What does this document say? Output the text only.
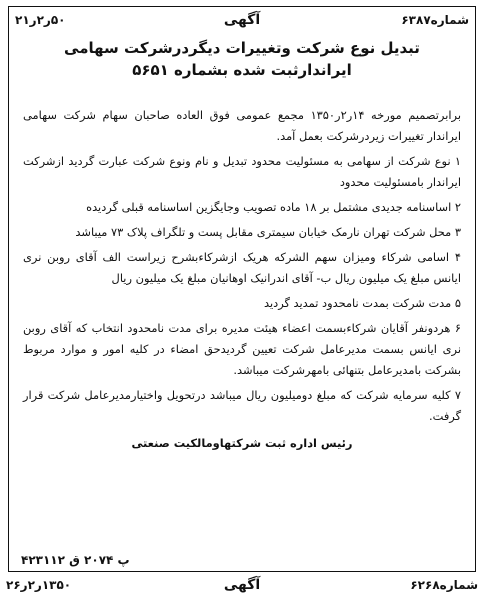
شماره۶۳۸۷
آگهی
۵۰ر۲ر۲۱
تبدیل نوع شرکت وتغییرات دیگردرشرکت سهامی
ایراندارثبت شده بشماره ۵۶۵۱

برابرتصمیم مورخه ۱۴ر۲ر۱۳۵۰ مجمع عمومی فوق العاده صاحبان سهام شرکت سهامی ایراندار تغییرات زیردرشرکت بعمل آمد.

۱ نوع شرکت از سهامی به مسئولیت محدود تبدیل و نام ونوع شرکت عبارت گردید ازشرکت ایراندار بامسئولیت محدود

۲ اساسنامه جدیدی مشتمل بر ۱۸ ماده تصویب وجایگزین اساسنامه قبلی گردیده

۳ محل شرکت تهران نارمک خیابان سیمتری مقابل پست و تلگراف پلاک ۷۳ میباشد

۴ اسامی شرکاء ومیزان سهم الشرکه هریک ازشرکاءبشرح زیراست الف آقای روبن نری ایانس مبلغ یک میلیون ریال ب- آقای اندرانیک اوهانیان مبلغ یک میلیون ریال

۵ مدت شرکت بمدت نامحدود تمدید گردید

۶ هردونفر آقایان شرکاءبسمت اعضاء هیئت مدیره برای مدت نامحدود انتخاب که آقای روبن نری ایانس بسمت مدیرعامل شرکت تعیین گردیدحق امضاء در کلیه امور و موارد مربوط بشرکت بامدیرعامل بتنهائی بامهرشرکت میباشد.

۷ کلیه سرمایه شرکت که مبلغ دومیلیون ریال میباشد درتحویل واختیارمدیرعامل شرکت قرار گرفت.

رئیس اداره ثبت شرکتهاومالکیت صنعتی
پ ۲۰۷۴ ق ۴۲۳۱۱۲
شماره۶۲۶۸
آگهی
۱۳۵۰ر۲ر۲۶
